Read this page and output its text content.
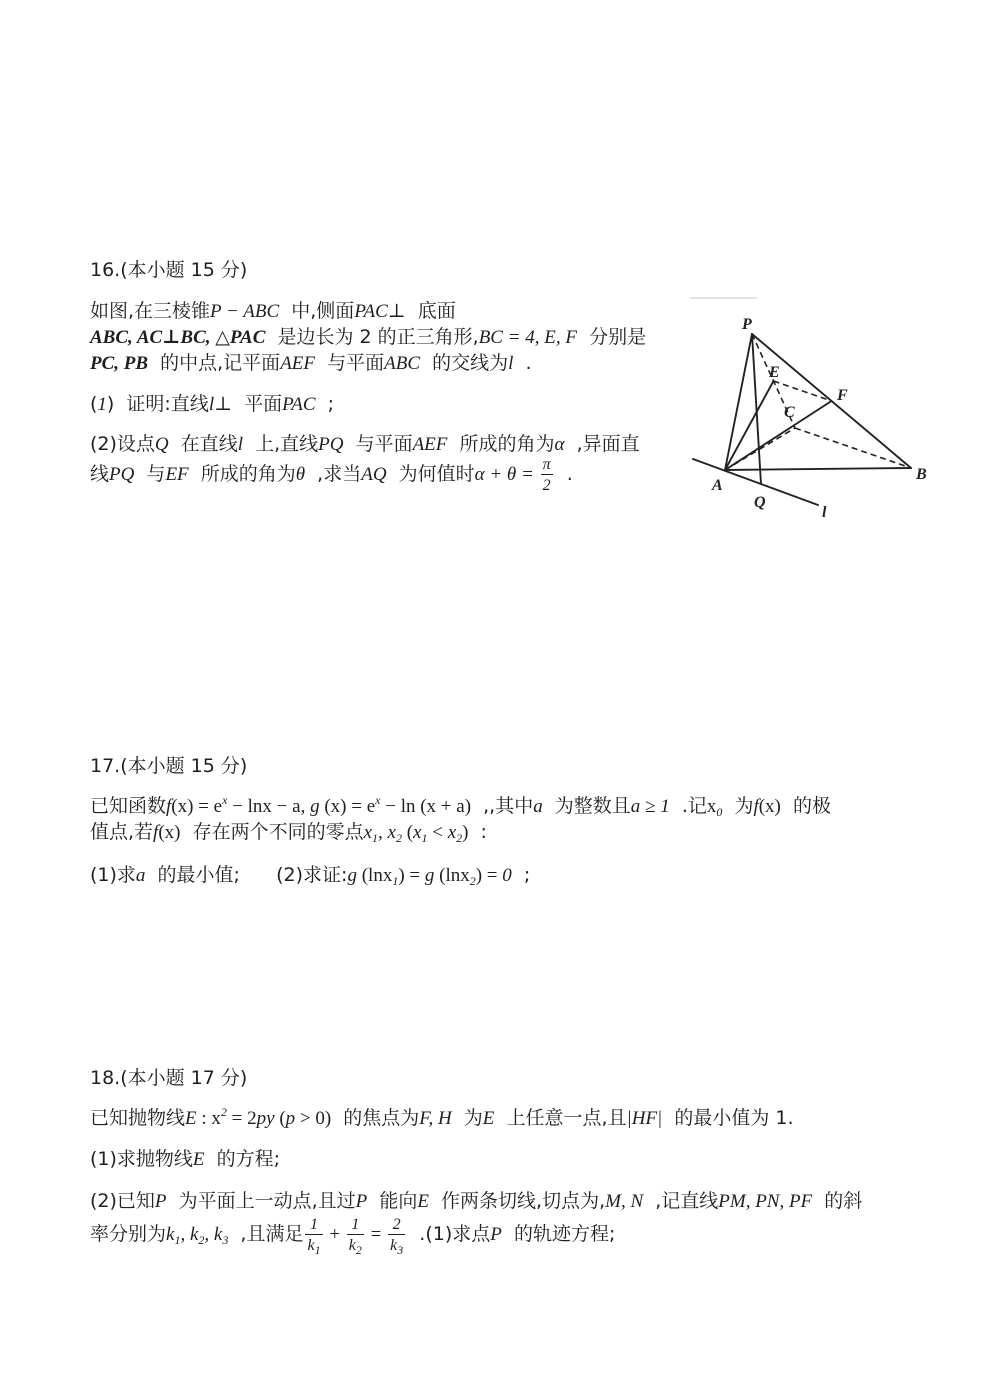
16.(本小题 15 分)
如图,在三棱锥P − ABC  中,侧面PAC⊥  底面
ABC, AC⊥BC, △PAC  是边长为 2 的正三角形,BC = 4, E, F  分别是
PC, PB  的中点,记平面AEF  与平面ABC  的交线为l  .
(1)  证明:直线l⊥  平面PAC  ;
(2)设点Q  在直线l  上,直线PQ  与平面AEF  所成的角为α  ,异面直
线PQ  与EF  所成的角为θ  ,求当AQ  为何值时$\alpha + \theta = \frac{\pi}{2}$ .
P
E
F
C
A
Q
B
l
17.(本小题 15 分)
已知函数$f(x) = e^x - \ln x - a$, g $(x) = e^x - \ln (x + a)$  ,,其中a  为整数且a ≥ 1  .记$x_0$  为f(x)  的极
值点,若f(x)  存在两个不同的零点$x_1$, $x_2$ $(x_1 < x_2)$  :
(1)求a  的最小值;      (2)求证:g (lnx$_1$) = g (lnx$_2$) = 0  ;
18.(本小题 17 分)
已知抛物线E : $x^2 = 2py$ (p > 0)  的焦点为F, H  为E  上任意一点,且|HF|  的最小值为 1.
(1)求抛物线E  的方程;
(2)已知P  为平面上一动点,且过P  能向E  作两条切线,切点为,M, N  ,记直线PM, PN, PF  的斜
率分别为$k_1$, $k_2$, $k_3$  ,且满足 $\frac{1}{k_1} + \frac{1}{k_2} = \frac{2}{k_3} .(1)$求点P  的轨迹方程;
